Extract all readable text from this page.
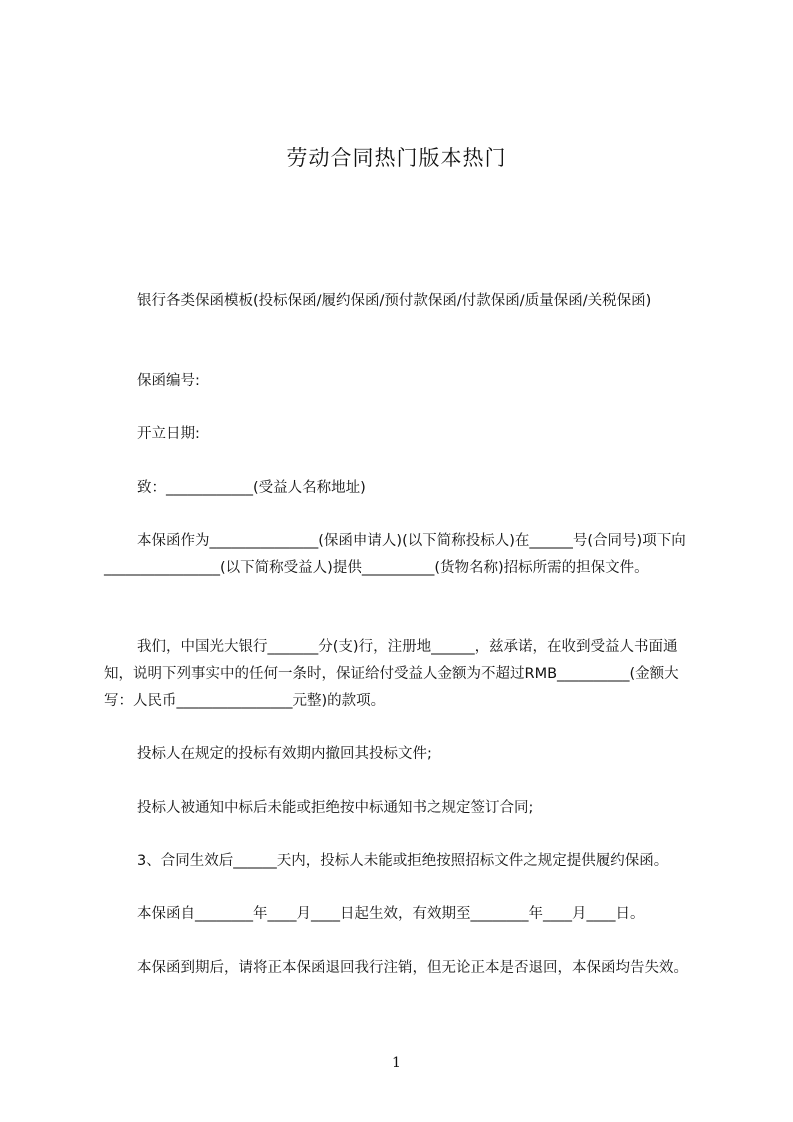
劳动合同热门版本热门
银行各类保函模板(投标保函/履约保函/预付款保函/付款保函/质量保函/关税保函)
保函编号:
开立日期:
致：____________(受益人名称地址)
本保函作为_______________(保函申请人)(以下简称投标人)在______号(合同号)项下向________________(以下简称受益人)提供__________(货物名称)招标所需的担保文件。
我们，中国光大银行_______分(支)行，注册地______，兹承诺，在收到受益人书面通知，说明下列事实中的任何一条时，保证给付受益人金额为不超过RMB__________(金额大写：人民币________________元整)的款项。
投标人在规定的投标有效期内撤回其投标文件;
投标人被通知中标后未能或拒绝按中标通知书之规定签订合同;
3、合同生效后______天内，投标人未能或拒绝按照招标文件之规定提供履约保函。
本保函自________年____月____日起生效，有效期至________年____月____日。
本保函到期后，请将正本保函退回我行注销，但无论正本是否退回，本保函均告失效。
1
